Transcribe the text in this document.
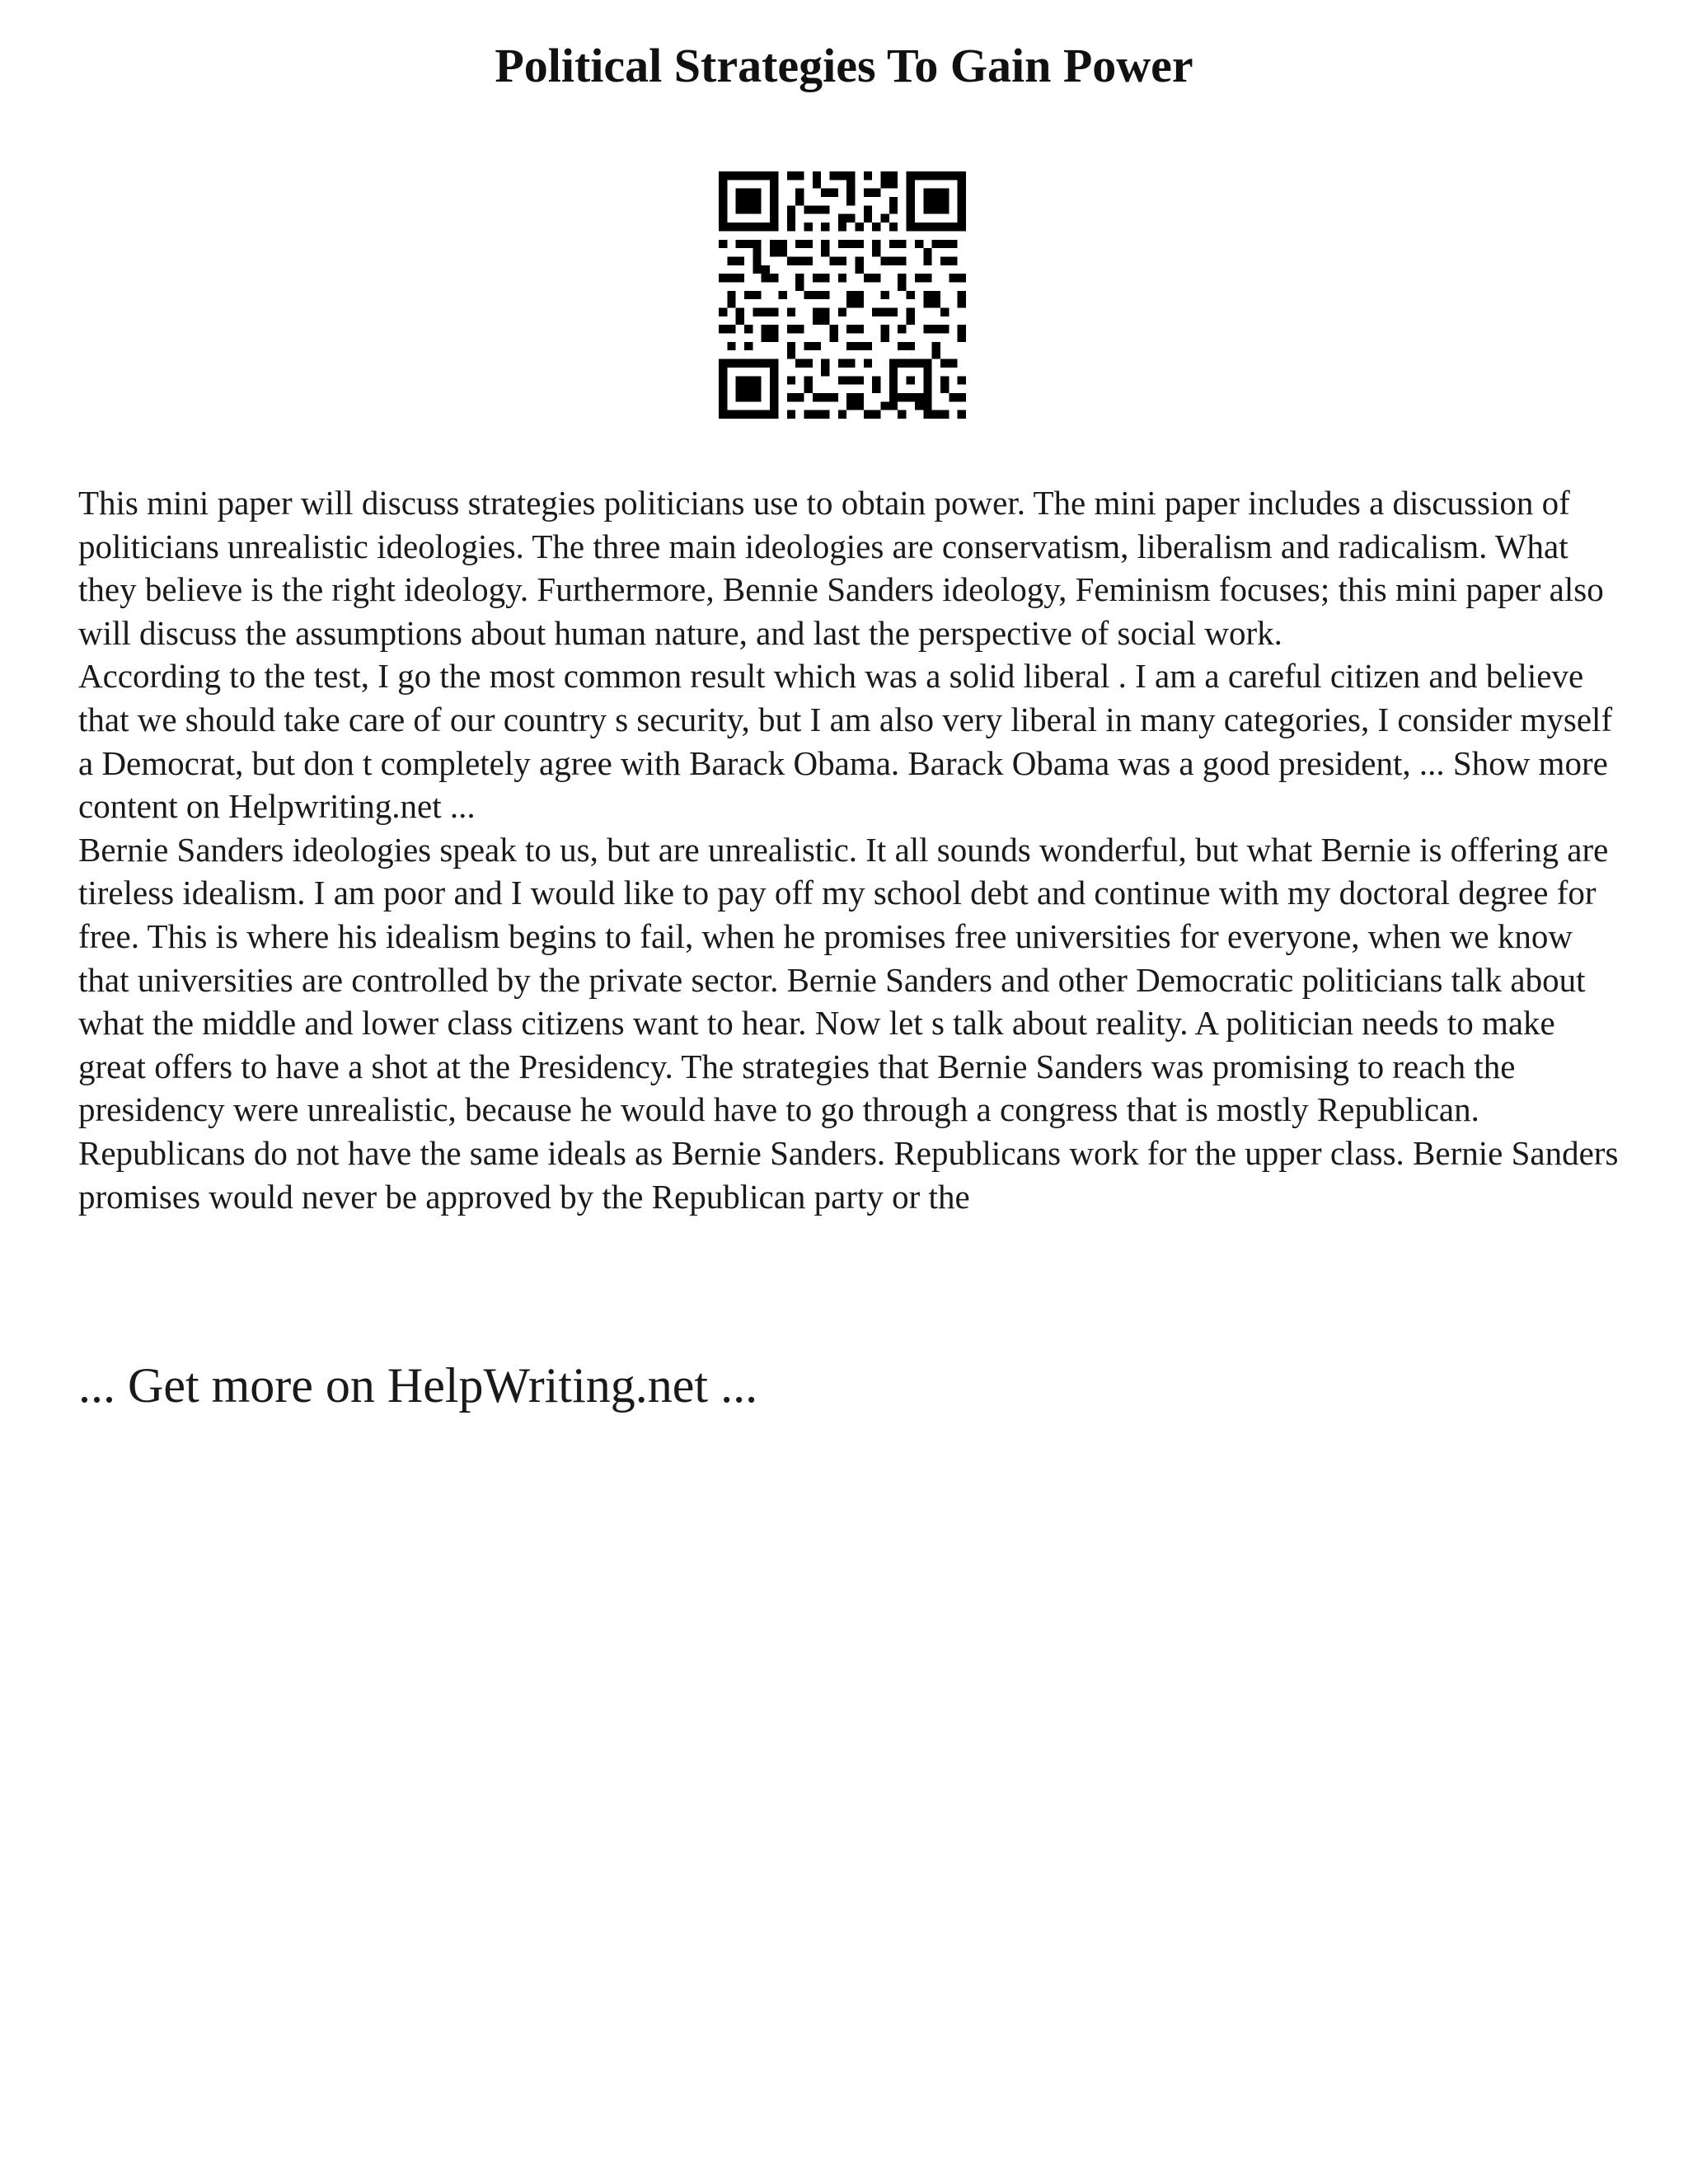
Political Strategies To Gain Power

This mini paper will discuss strategies politicians use to obtain power. The mini paper includes a discussion of politicians unrealistic ideologies. The three main ideologies are conservatism, liberalism and radicalism. What they believe is the right ideology. Furthermore, Bennie Sanders ideology, Feminism focuses; this mini paper also will discuss the assumptions about human nature, and last the perspective of social work.

According to the test, I go the most common result which was a solid liberal . I am a careful citizen and believe that we should take care of our country s security, but I am also very liberal in many categories, I consider myself a Democrat, but don t completely agree with Barack Obama. Barack Obama was a good president, ... Show more content on Helpwriting.net ...

Bernie Sanders ideologies speak to us, but are unrealistic. It all sounds wonderful, but what Bernie is offering are tireless idealism. I am poor and I would like to pay off my school debt and continue with my doctoral degree for free. This is where his idealism begins to fail, when he promises free universities for everyone, when we know that universities are controlled by the private sector. Bernie Sanders and other Democratic politicians talk about what the middle and lower class citizens want to hear. Now let s talk about reality. A politician needs to make great offers to have a shot at the Presidency. The strategies that Bernie Sanders was promising to reach the presidency were unrealistic, because he would have to go through a congress that is mostly Republican. Republicans do not have the same ideals as Bernie Sanders. Republicans work for the upper class. Bernie Sanders promises would never be approved by the Republican party or the

... Get more on HelpWriting.net ...
